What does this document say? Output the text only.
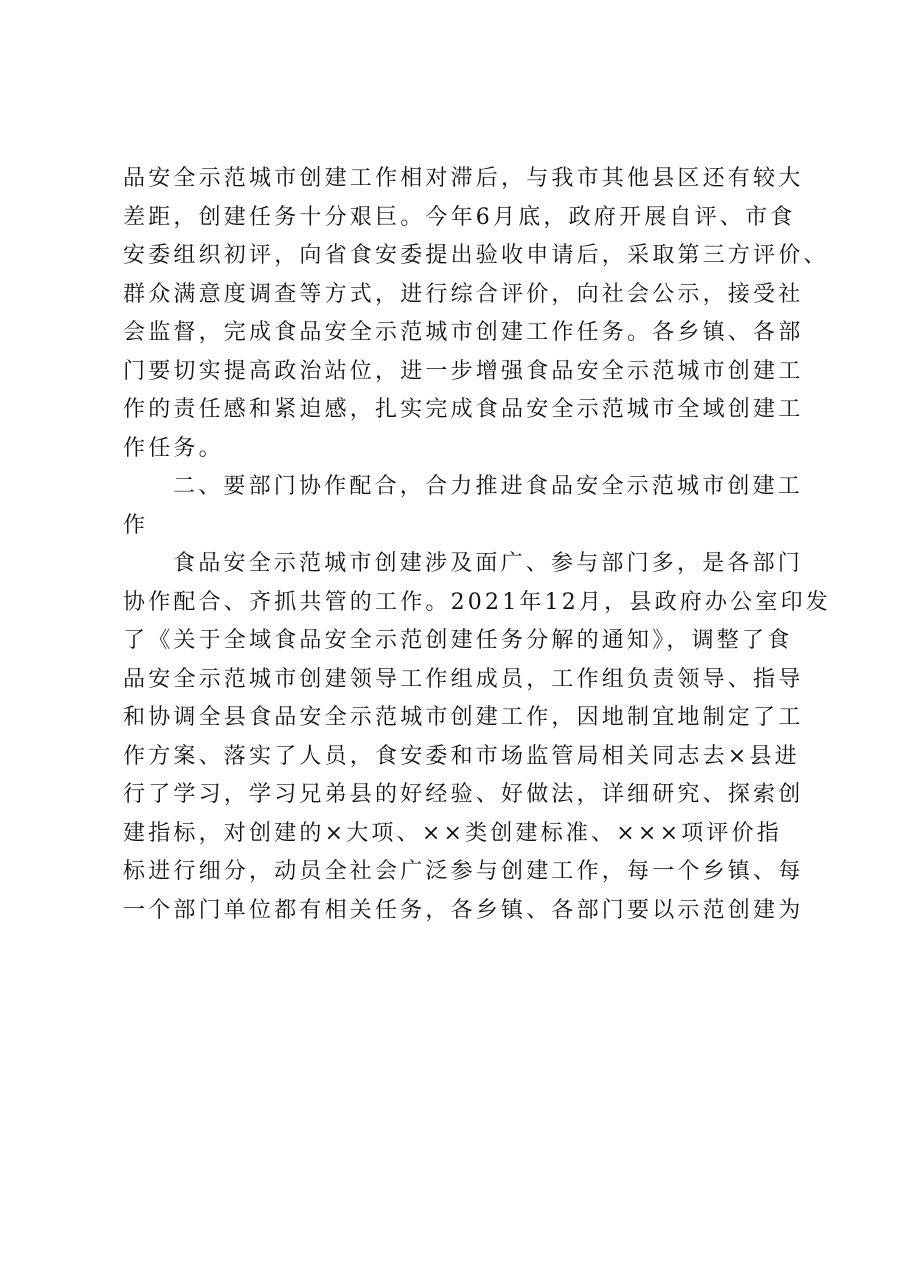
品安全示范城市创建工作相对滞后，与我市其他县区还有较大
差距，创建任务十分艰巨。今年6月底，政府开展自评、市食
安委组织初评，向省食安委提出验收申请后，采取第三方评价、
群众满意度调查等方式，进行综合评价，向社会公示，接受社
会监督，完成食品安全示范城市创建工作任务。各乡镇、各部
门要切实提高政治站位，进一步增强食品安全示范城市创建工
作的责任感和紧迫感，扎实完成食品安全示范城市全域创建工
作任务。
二、要部门协作配合，合力推进食品安全示范城市创建工
作
食品安全示范城市创建涉及面广、参与部门多，是各部门
协作配合、齐抓共管的工作。2021年12月，县政府办公室印发
了《关于全域食品安全示范创建任务分解的通知》，调整了食
品安全示范城市创建领导工作组成员，工作组负责领导、指导
和协调全县食品安全示范城市创建工作，因地制宜地制定了工
作方案、落实了人员，食安委和市场监管局相关同志去×县进
行了学习，学习兄弟县的好经验、好做法，详细研究、探索创
建指标，对创建的×大项、××类创建标准、×××项评价指
标进行细分，动员全社会广泛参与创建工作，每一个乡镇、每
一个部门单位都有相关任务，各乡镇、各部门要以示范创建为
